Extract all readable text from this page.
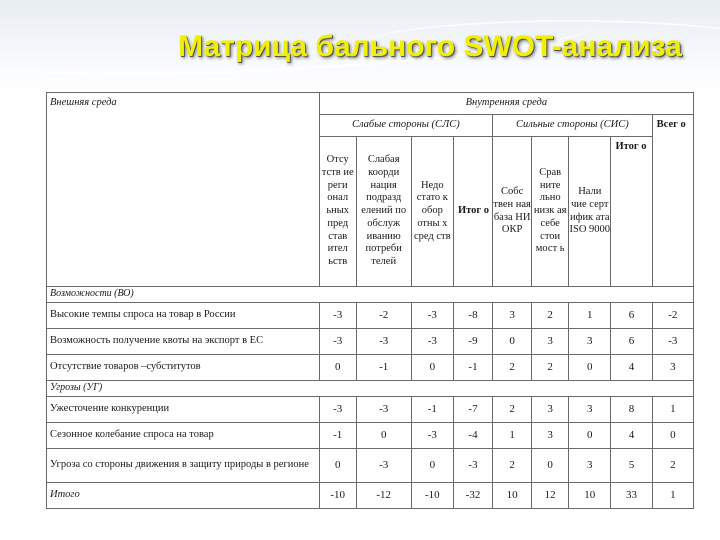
Матрица бального SWOT-анализа
Внешняя среда	Внутренняя среда								
	Слабые стороны (СЛС)				Сильные стороны (СИС)				Всег о
	Отсу тств ие реги онал ьных пред став ител ьств	Слабая коорди нация подразд елений по обслуж иванию потреби телей	Недо стато к обор отны х сред ств	Итог о	Собс твен ная база НИ ОКР	Срав ните льно низк ая себе стои мост ь	Нали чие серт ифик ата ISO 9000	Итог о	
Возможности (ВО)									
Высокие темпы спроса на товар в России	-3	-2	-3	-8	3	2	1	6	-2
Возможность получение квоты на экспорт в ЕС	-3	-3	-3	-9	0	3	3	6	-3
Отсутствие товаров –субститутов	0	-1	0	-1	2	2	0	4	3
Угрозы (УГ)									
Ужесточение конкуренции	-3	-3	-1	-7	2	3	3	8	1
Сезонное колебание спроса на товар	-1	0	-3	-4	1	3	0	4	0
Угроза со стороны движения в защиту природы в регионе	0	-3	0	-3	2	0	3	5	2
Итого	-10	-12	-10	-32	10	12	10	33	1
